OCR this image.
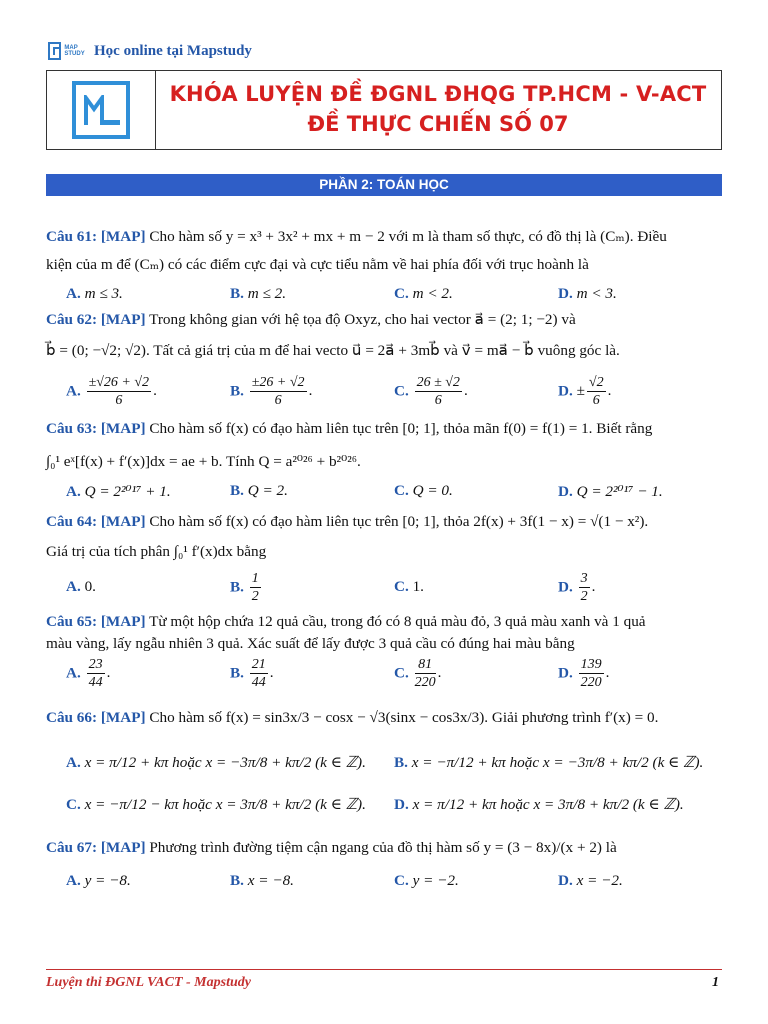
MAP STUDY Học online tại Mapstudy
KHÓA LUYỆN ĐỀ ĐGNL ĐHQG TP.HCM - V-ACT
ĐỀ THỰC CHIẾN SỐ 07
PHẦN 2: TOÁN HỌC
Câu 61: [MAP] Cho hàm số y = x³ + 3x² + mx + m − 2 với m là tham số thực, có đồ thị là (Cₘ). Điều
kiện của m để (Cₘ) có các điểm cực đại và cực tiểu nằm về hai phía đối với trục hoành là
A. m ≤ 3.	B. m ≤ 2.	C. m < 2.	D. m < 3.
Câu 62: [MAP] Trong không gian với hệ tọa độ Oxyz, cho hai vector a⃗ = (2; 1; −2) và
b⃗ = (0; −√2; √2). Tất cả giá trị của m để hai vecto u⃗ = 2a⃗ + 3mb⃗ và v⃗ = ma⃗ − b⃗ vuông góc là.
A. $\frac{\pm√26 + √2}{6}$ .	B. $\frac{\pm 26 + √2}{6}$ .	C. $\frac{26 \pm √2}{6}$ .	D. ± $\frac{√2}{6}$ .
Câu 63: [MAP] Cho hàm số f(x) có đạo hàm liên tục trên [0; 1], thỏa mãn f(0) = f(1) = 1. Biết rằng
∫₀¹ eˣ[f(x) + f′(x)]dx = ae + b. Tính Q = a²⁰²⁶ + b²⁰²⁶.
A. Q = 2²⁰¹⁷ + 1.	B. Q = 2.	C. Q = 0.	D. Q = 2²⁰¹⁷ − 1.
Câu 64: [MAP] Cho hàm số f(x) có đạo hàm liên tục trên [0; 1], thỏa 2f(x) + 3f(1 − x) = √(1 − x²).
Giá trị của tích phân ∫₀¹ f′(x)dx bằng
A. 0.	B. $\frac{1}{2}$	C. 1.	D. $\frac{3}{2}$ .
Câu 65: [MAP] Từ một hộp chứa 12 quả cầu, trong đó có 8 quả màu đỏ, 3 quả màu xanh và 1 quả
màu vàng, lấy ngẫu nhiên 3 quả. Xác suất để lấy được 3 quả cầu có đúng hai màu bằng
A. $\frac{23}{44}$ .	B. $\frac{21}{44}$ .	C. $\frac{81}{220}$ .	D. $\frac{139}{220}$ .
Câu 66: [MAP] Cho hàm số f(x) = sin3x/3 − cosx − √3(sinx − cos3x/3). Giải phương trình f′(x) = 0.
A. x = π/12 + kπ hoặc x = −3π/8 + kπ/2 (k ∈ ℤ). B. x = −π/12 + kπ hoặc x = −3π/8 + kπ/2 (k ∈ ℤ).
C. x = −π/12 − kπ hoặc x = 3π/8 + kπ/2 (k ∈ ℤ). D. x = π/12 + kπ hoặc x = 3π/8 + kπ/2 (k ∈ ℤ).
Câu 67: [MAP] Phương trình đường tiệm cận ngang của đồ thị hàm số y = (3 − 8x)/(x + 2) là
A. y = −8.	B. x = −8.	C. y = −2.	D. x = −2.
Luyện thi ĐGNL VACT - Mapstudy	1
